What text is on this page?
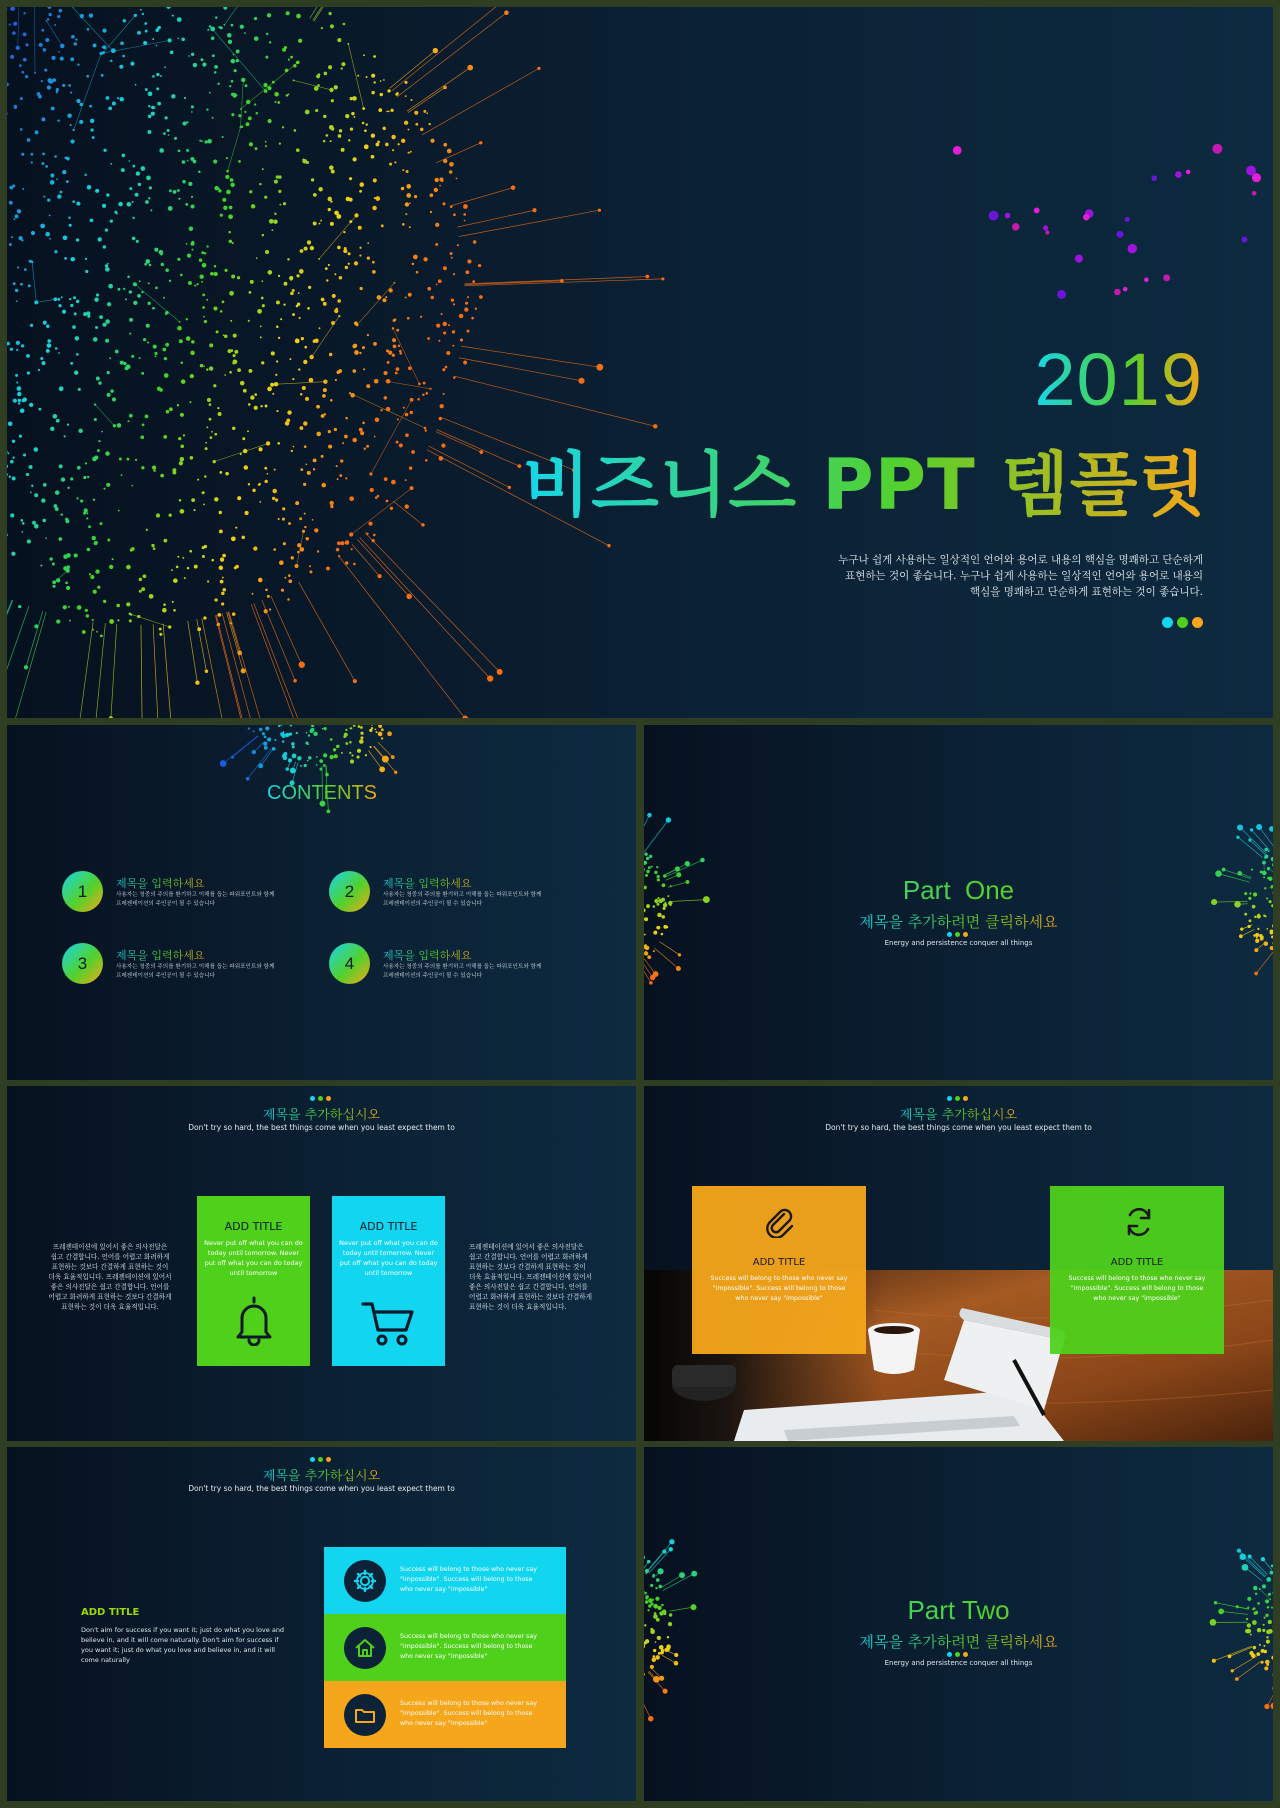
2019
비즈니스 PPT 템플릿
누구나 쉽게 사용하는 일상적인 언어와 용어로 내용의 핵심을 명쾌하고 단순하게
표현하는 것이 좋습니다. 누구나 쉽게 사용하는 일상적인 언어와 용어로 내용의
핵심을 명쾌하고 단순하게 표현하는 것이 좋습니다.
CONTENTS
1	제목을 입력하세요
사용자는 청중의 주의를 환기하고 이해를 돕는 파워포인트와 함께
프레젠테이션의 주인공이 될 수 있습니다
2	제목을 입력하세요
사용자는 청중의 주의를 환기하고 이해를 돕는 파워포인트와 함께
프레젠테이션의 주인공이 될 수 있습니다
3	제목을 입력하세요
사용자는 청중의 주의를 환기하고 이해를 돕는 파워포인트와 함께
프레젠테이션의 주인공이 될 수 있습니다
4	제목을 입력하세요
사용자는 청중의 주의를 환기하고 이해를 돕는 파워포인트와 함께
프레젠테이션의 주인공이 될 수 있습니다
Part  One
제목을 추가하려면 클릭하세요
Energy and persistence conquer all things
제목을 추가하십시오
Don't try so hard, the best things come when you least expect them to
프레젠테이션에 있어서 좋은 의사전달은
쉽고 간결합니다. 언어를 어렵고 화려하게
표현하는 것보다 간결하게 표현하는 것이
더욱 효율적입니다. 프레젠테이션에 있어서
좋은 의사전달은 쉽고 간결합니다. 언어를
어렵고 화려하게 표현하는 것보다 간결하게
표현하는 것이 더욱 효율적입니다.
프레젠테이션에 있어서 좋은 의사전달은
쉽고 간결합니다. 언어를 어렵고 화려하게
표현하는 것보다 간결하게 표현하는 것이
더욱 효율적입니다. 프레젠테이션에 있어서
좋은 의사전달은 쉽고 간결합니다. 언어를
어렵고 화려하게 표현하는 것보다 간결하게
표현하는 것이 더욱 효율적입니다.
ADD TITLE
Never put off what you can do
today until tomorrow. Never
put off what you can do today
until tomorrow
ADD TITLE
Never put off what you can do
today until tomorrow. Never
put off what you can do today
until tomorrow
제목을 추가하십시오
Don't try so hard, the best things come when you least expect them to
ADD TITLE
Success will belong to those who never say
"impossible". Success will belong to those
who never say "impossible"
ADD TITLE
Success will belong to those who never say
"impossible". Success will belong to those
who never say "impossible"
제목을 추가하십시오
Don't try so hard, the best things come when you least expect them to
ADD TITLE
Don't aim for success if you want it; just do what you love and
believe in, and it will come naturally. Don't aim for success if
you want it; just do what you love and believe in, and it will
come naturally
Success will belong to those who never say
"impossible". Success will belong to those
who never say "impossible"
Success will belong to those who never say
"impossible". Success will belong to those
who never say "impossible"
Success will belong to those who never say
"impossible". Success will belong to those
who never say "impossible"
Part Two
제목을 추가하려면 클릭하세요
Energy and persistence conquer all things
